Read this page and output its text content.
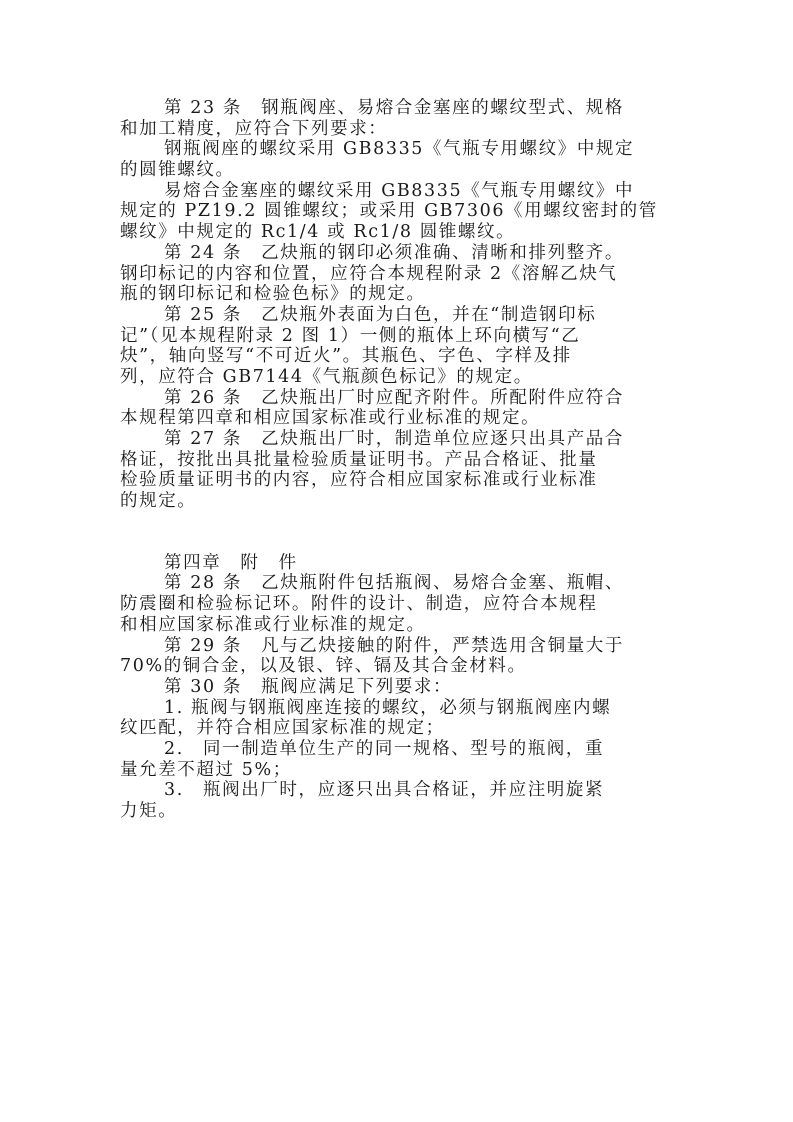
第 23 条　钢瓶阀座、易熔合金塞座的螺纹型式、规格
和加工精度，应符合下列要求：
钢瓶阀座的螺纹采用 GB8335《气瓶专用螺纹》中规定
的圆锥螺纹。
易熔合金塞座的螺纹采用 GB8335《气瓶专用螺纹》中
规定的 PZ19.2 圆锥螺纹；或采用 GB7306《用螺纹密封的管
螺纹》中规定的 Rc1/4 或 Rc1/8 圆锥螺纹。
第 24 条　乙炔瓶的钢印必须准确、清晰和排列整齐。
钢印标记的内容和位置，应符合本规程附录 2《溶解乙炔气
瓶的钢印标记和检验色标》的规定。
第 25 条　乙炔瓶外表面为白色，并在“制造钢印标
记”（见本规程附录 2 图 1）一侧的瓶体上环向横写“乙
炔”，轴向竖写“不可近火”。其瓶色、字色、字样及排
列，应符合 GB7144《气瓶颜色标记》的规定。
第 26 条　乙炔瓶出厂时应配齐附件。所配附件应符合
本规程第四章和相应国家标准或行业标准的规定。
第 27 条　乙炔瓶出厂时，制造单位应逐只出具产品合
格证，按批出具批量检验质量证明书。产品合格证、批量
检验质量证明书的内容，应符合相应国家标准或行业标准
的规定。
第四章　附　件
第 28 条　乙炔瓶附件包括瓶阀、易熔合金塞、瓶帽、
防震圈和检验标记环。附件的设计、制造，应符合本规程
和相应国家标准或行业标准的规定。
第 29 条　凡与乙炔接触的附件，严禁选用含铜量大于
70%的铜合金，以及银、锌、镉及其合金材料。
第 30 条　瓶阀应满足下列要求：
1. 瓶阀与钢瓶阀座连接的螺纹，必须与钢瓶阀座内螺
纹匹配，并符合相应国家标准的规定；
2.　同一制造单位生产的同一规格、型号的瓶阀，重
量允差不超过 5%；
3.　瓶阀出厂时，应逐只出具合格证，并应注明旋紧
力矩。
